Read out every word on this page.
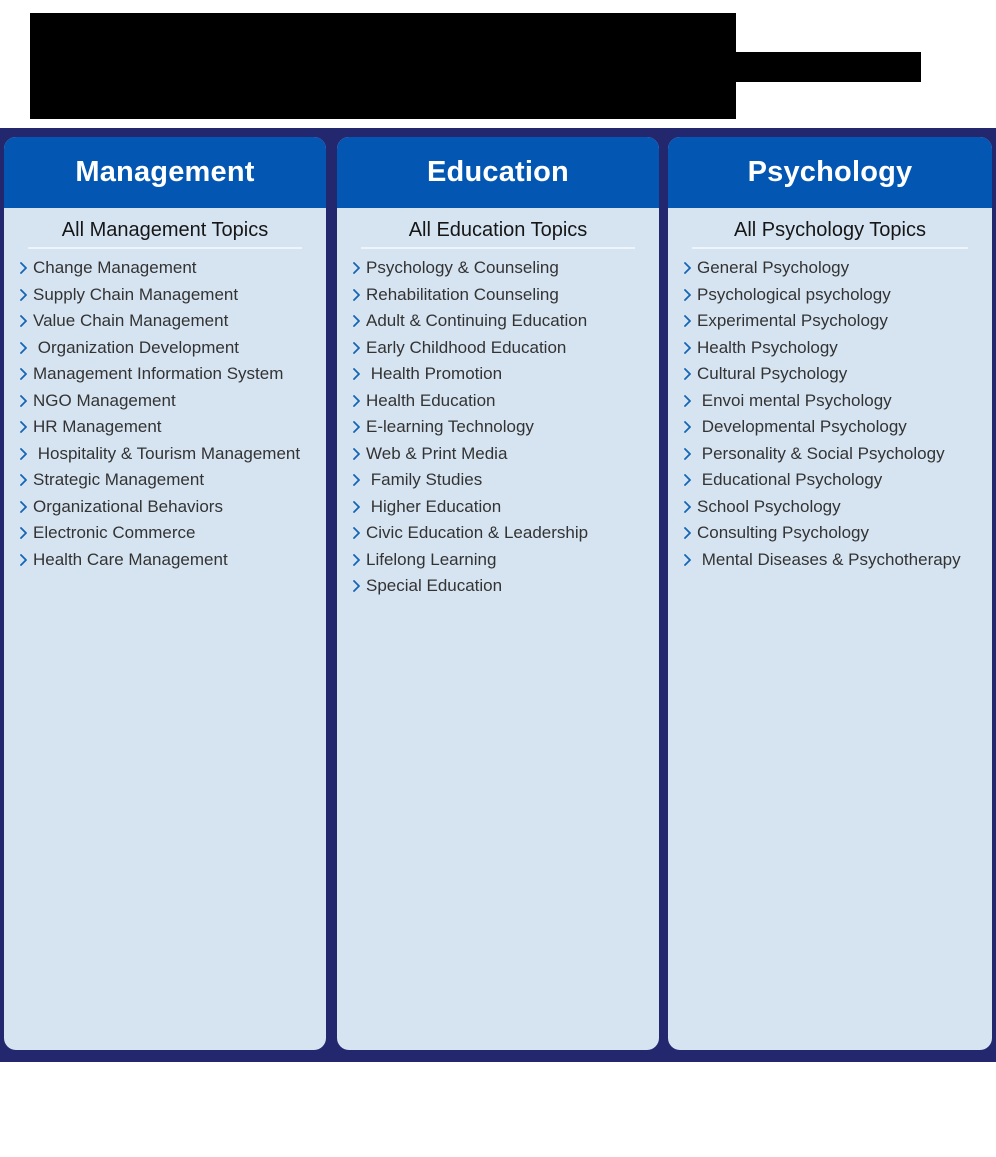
Management
All Management Topics
Change Management
Supply Chain Management
Value Chain Management
Organization Development
Management Information System
NGO Management
HR Management
Hospitality & Tourism Management
Strategic Management
Organizational Behaviors
Electronic Commerce
Health Care Management
Education
All Education Topics
Psychology & Counseling
Rehabilitation Counseling
Adult & Continuing Education
Early Childhood Education
Health Promotion
Health Education
E-learning Technology
Web & Print Media
Family Studies
Higher Education
Civic Education & Leadership
Lifelong Learning
Special Education
Psychology
All Psychology Topics
General Psychology
Psychological psychology
Experimental Psychology
Health Psychology
Cultural Psychology
Envoi mental Psychology
Developmental Psychology
Personality & Social Psychology
Educational Psychology
School Psychology
Consulting Psychology
Mental Diseases & Psychotherapy
